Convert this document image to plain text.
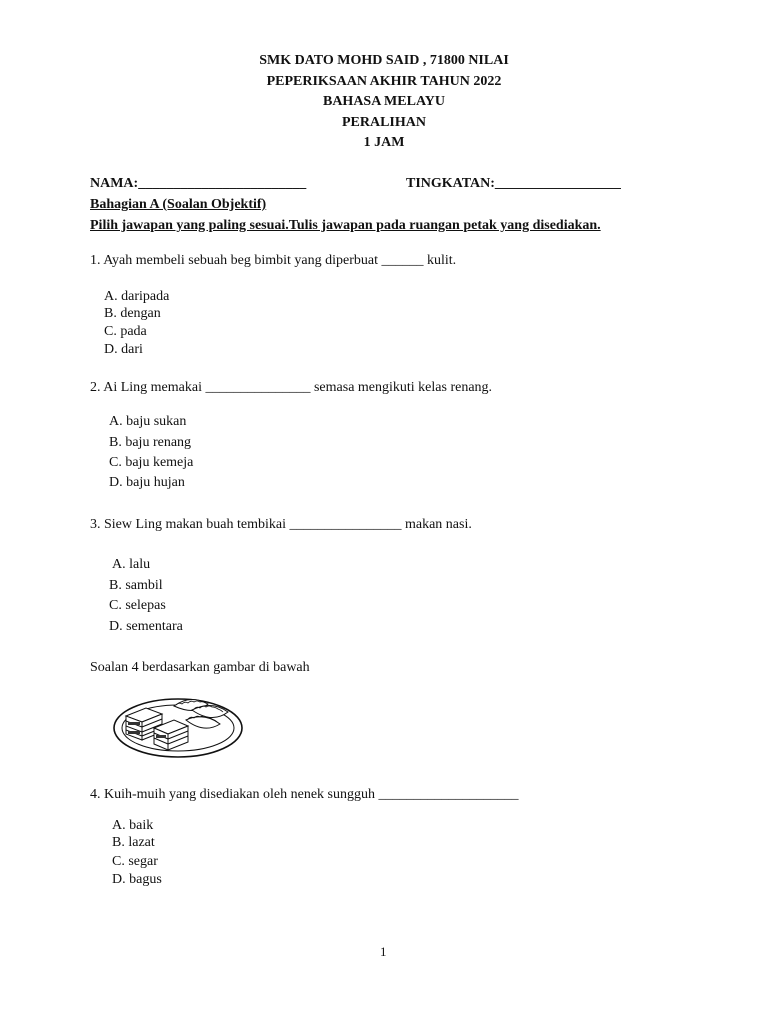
SMK DATO MOHD SAID , 71800 NILAI
PEPERIKSAAN AKHIR TAHUN 2022
BAHASA MELAYU
PERALIHAN
1 JAM
NAMA:________________________	TINGKATAN:__________________
Bahagian A (Soalan Objektif)
Pilih jawapan yang paling sesuai.Tulis jawapan pada ruangan petak yang disediakan.
1. Ayah membeli sebuah beg bimbit yang diperbuat ______ kulit.
A. daripada
B. dengan
C. pada
D. dari
2. Ai Ling memakai _______________ semasa mengikuti kelas renang.
A. baju sukan
B. baju renang
C. baju kemeja
D. baju hujan
3. Siew Ling makan buah tembikai ________________ makan nasi.
A. lalu
B. sambil
C. selepas
D. sementara
Soalan 4 berdasarkan gambar di bawah
4. Kuih-muih yang disediakan oleh nenek sungguh ____________________
A. baik
B. lazat
C. segar
D. bagus
1
